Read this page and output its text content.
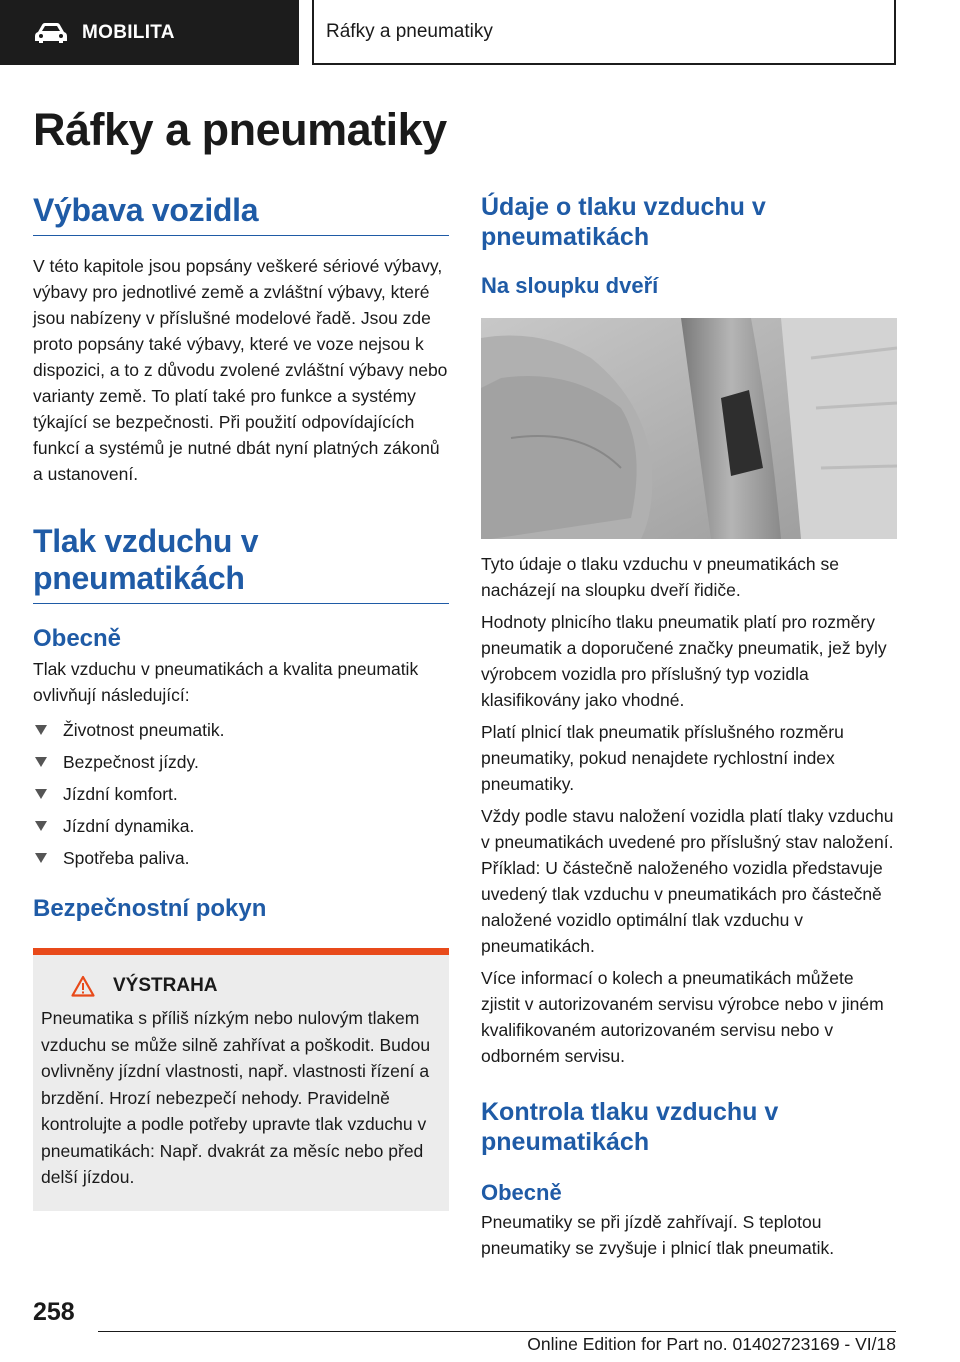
MOBILITA	Ráfky a pneumatiky
Ráfky a pneumatiky
Výbava vozidla
V této kapitole jsou popsány veškeré sériové výbavy, výbavy pro jednotlivé země a zvláštní výbavy, které jsou nabízeny v příslušné modelové řadě. Jsou zde proto popsány také výbavy, které ve voze nejsou k dispozici, a to z důvodu zvolené zvláštní výbavy nebo varianty země. To platí také pro funkce a systémy týkající se bezpečnosti. Při použití odpovídajících funkcí a systémů je nutné dbát nyní platných zákonů a ustanovení.
Tlak vzduchu v pneumatikách
Obecně
Tlak vzduchu v pneumatikách a kvalita pneumatik ovlivňují následující:
Životnost pneumatik.
Bezpečnost jízdy.
Jízdní komfort.
Jízdní dynamika.
Spotřeba paliva.
Bezpečnostní pokyn
VÝSTRAHA
Pneumatika s příliš nízkým nebo nulovým tlakem vzduchu se může silně zahřívat a poškodit. Budou ovlivněny jízdní vlastnosti, např. vlastnosti řízení a brzdění. Hrozí nebezpečí nehody. Pravidelně kontrolujte a podle potřeby upravte tlak vzduchu v pneumatikách: Např. dvakrát za měsíc nebo před delší jízdou.
Údaje o tlaku vzduchu v pneumatikách
Na sloupku dveří
Tyto údaje o tlaku vzduchu v pneumatikách se nacházejí na sloupku dveří řidiče.
Hodnoty plnicího tlaku pneumatik platí pro rozměry pneumatik a doporučené značky pneumatik, jež byly výrobcem vozidla pro příslušný typ vozidla klasifikovány jako vhodné.
Platí plnicí tlak pneumatik příslušného rozměru pneumatiky, pokud nenajdete rychlostní index pneumatiky.
Vždy podle stavu naložení vozidla platí tlaky vzduchu v pneumatikách uvedené pro příslušný stav naložení. Příklad: U částečně naloženého vozidla představuje uvedený tlak vzduchu v pneumatikách pro částečně naložené vozidlo optimální tlak vzduchu v pneumatikách.
Více informací o kolech a pneumatikách můžete zjistit v autorizovaném servisu výrobce nebo v jiném kvalifikovaném autorizovaném servisu nebo v odborném servisu.
Kontrola tlaku vzduchu v pneumatikách
Obecně
Pneumatiky se při jízdě zahřívají. S teplotou pneumatiky se zvyšuje i plnicí tlak pneumatik.
258
Online Edition for Part no. 01402723169 - VI/18
